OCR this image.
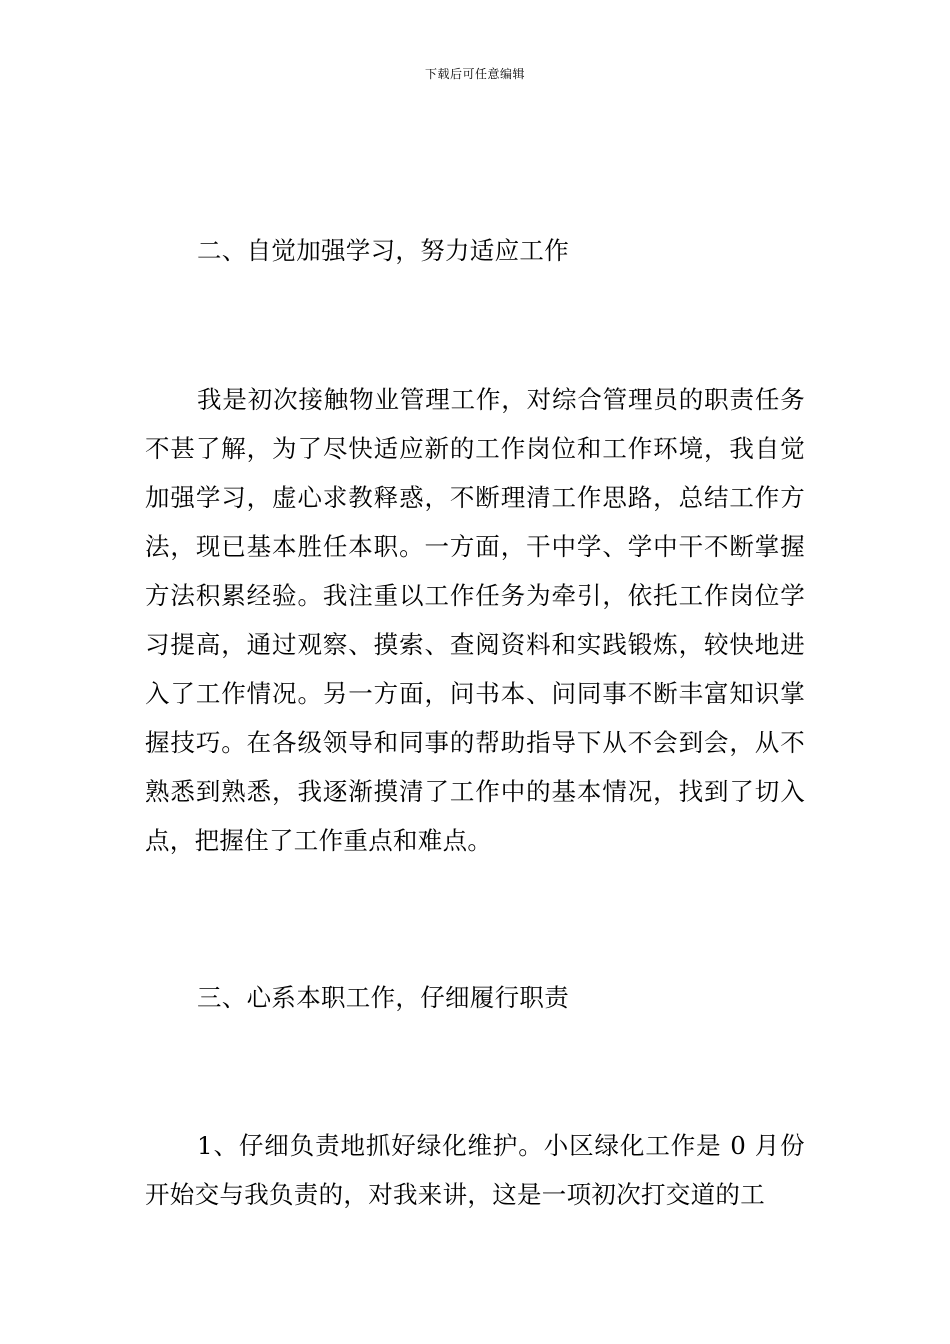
下载后可任意编辑

二、自觉加强学习，努力适应工作

我是初次接触物业管理工作，对综合管理员的职责任务不甚了解，为了尽快适应新的工作岗位和工作环境，我自觉加强学习，虚心求教释惑，不断理清工作思路，总结工作方法，现已基本胜任本职。一方面，干中学、学中干不断掌握方法积累经验。我注重以工作任务为牵引，依托工作岗位学习提高，通过观察、摸索、查阅资料和实践锻炼，较快地进入了工作情况。另一方面，问书本、问同事不断丰富知识掌握技巧。在各级领导和同事的帮助指导下从不会到会，从不熟悉到熟悉，我逐渐摸清了工作中的基本情况，找到了切入点，把握住了工作重点和难点。

三、心系本职工作，仔细履行职责

1、仔细负责地抓好绿化维护。小区绿化工作是 0 月份开始交与我负责的，对我来讲，这是一项初次打交道的工
